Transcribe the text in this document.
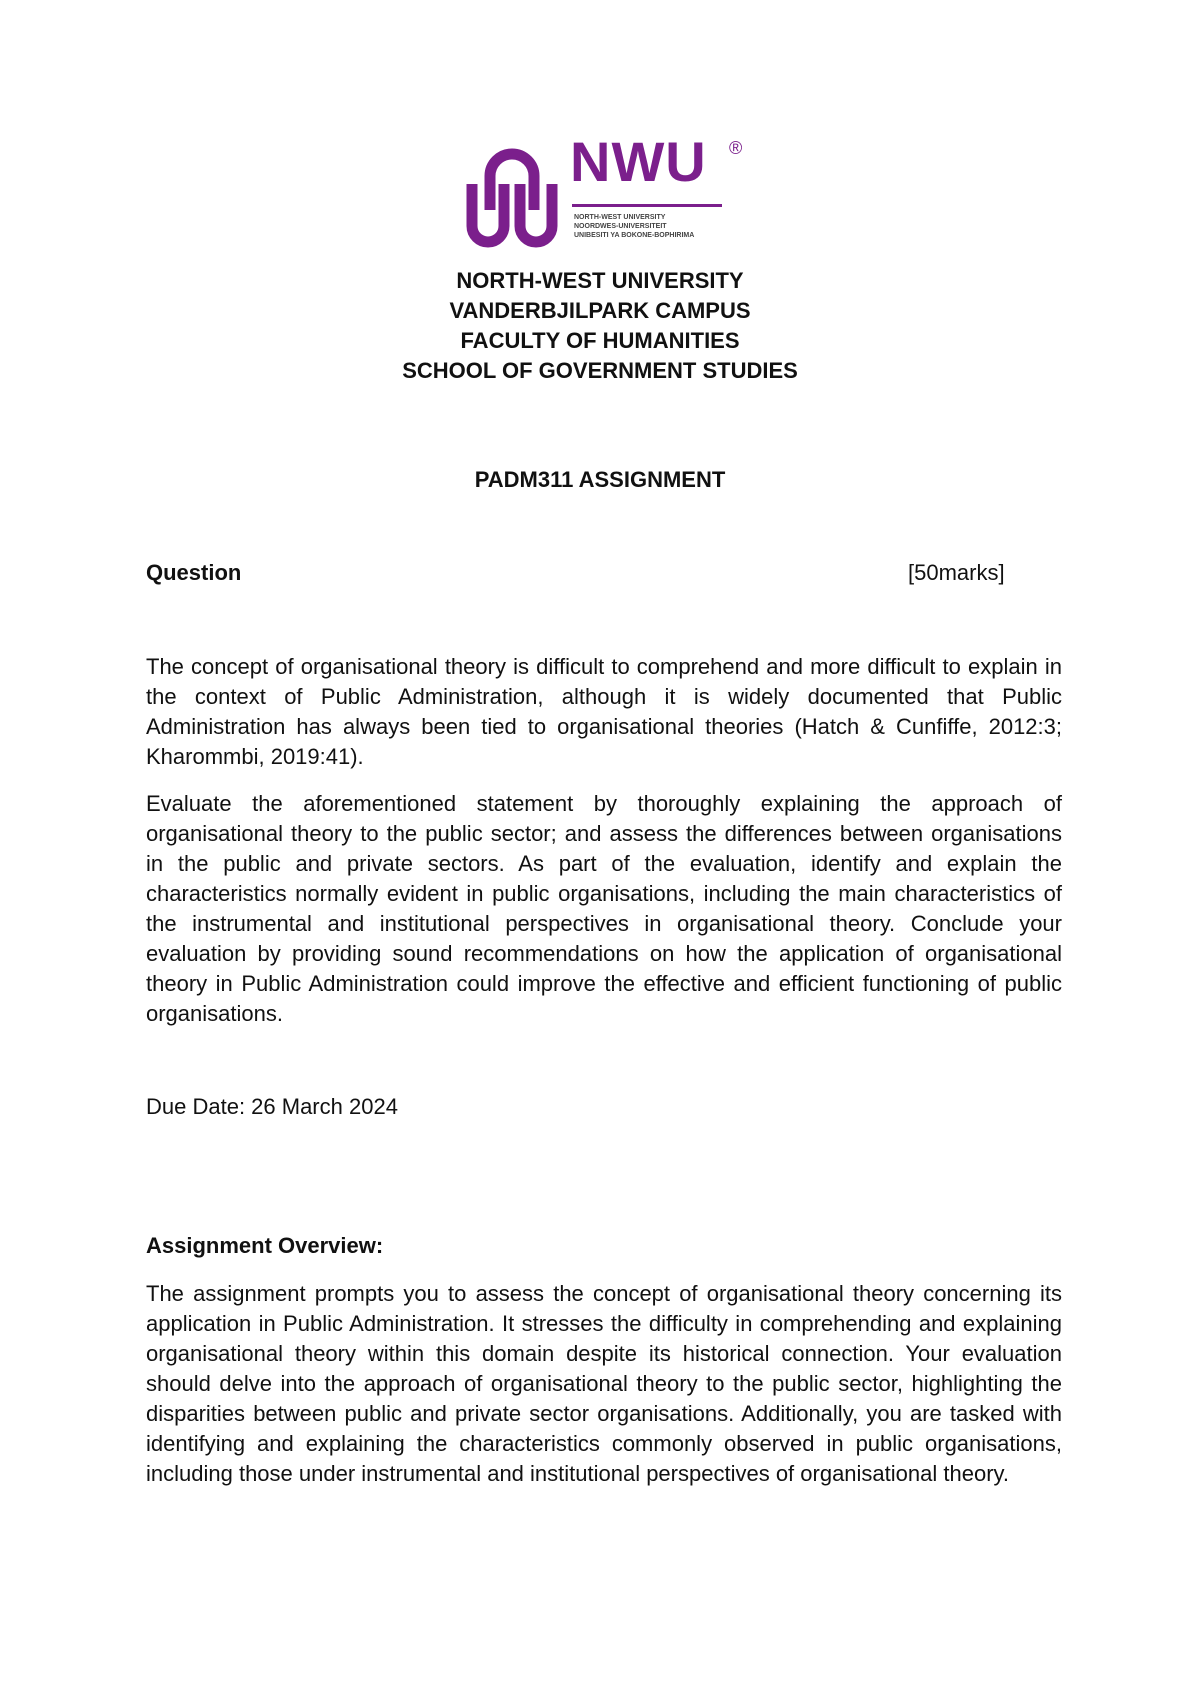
NWU ®
NORTH-WEST UNIVERSITY
NOORDWES-UNIVERSITEIT
UNIBESITI YA BOKONE-BOPHIRIMA
NORTH-WEST UNIVERSITY
VANDERBJILPARK CAMPUS
FACULTY OF HUMANITIES
SCHOOL OF GOVERNMENT STUDIES
PADM311 ASSIGNMENT
Question	[50marks]

The concept of organisational theory is difficult to comprehend and more difficult to explain in the context of Public Administration, although it is widely documented that Public Administration has always been tied to organisational theories (Hatch & Cunfiffe, 2012:3; Kharommbi, 2019:41).

Evaluate the aforementioned statement by thoroughly explaining the approach of organisational theory to the public sector; and assess the differences between organisations in the public and private sectors. As part of the evaluation, identify and explain the characteristics normally evident in public organisations, including the main characteristics of the instrumental and institutional perspectives in organisational theory. Conclude your evaluation by providing sound recommendations on how the application of organisational theory in Public Administration could improve the effective and efficient functioning of public organisations.

Due Date: 26 March 2024
Assignment Overview:

The assignment prompts you to assess the concept of organisational theory concerning its application in Public Administration. It stresses the difficulty in comprehending and explaining organisational theory within this domain despite its historical connection. Your evaluation should delve into the approach of organisational theory to the public sector, highlighting the disparities between public and private sector organisations. Additionally, you are tasked with identifying and explaining the characteristics commonly observed in public organisations, including those under instrumental and institutional perspectives of organisational theory.
